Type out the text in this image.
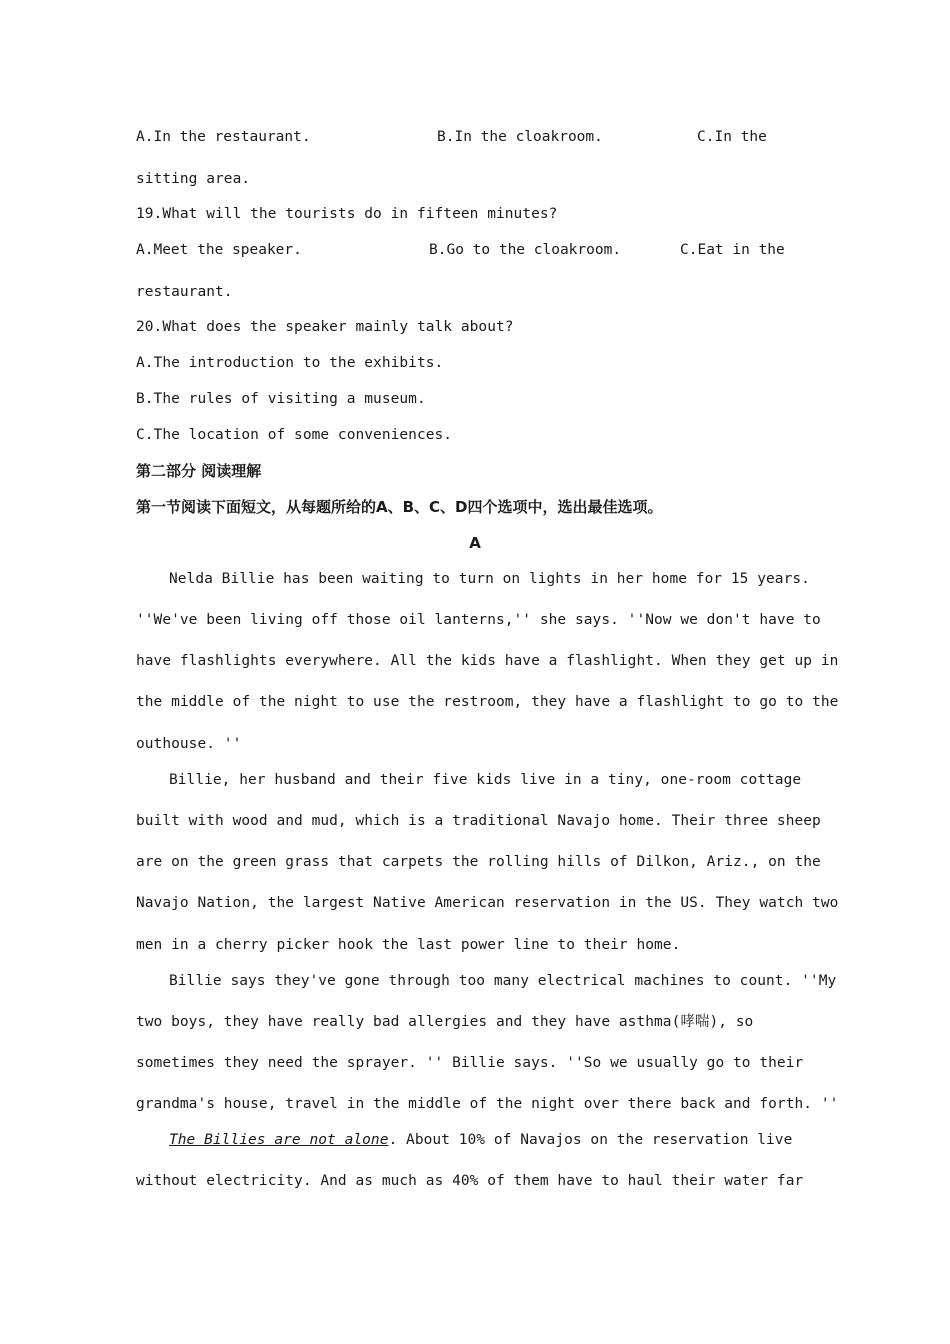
A.In the restaurant.	B.In the cloakroom.	C.In the
sitting area.
19.What will the tourists do in fifteen minutes?
A.Meet the speaker.	B.Go to the cloakroom.	C.Eat in the
restaurant.
20.What does the speaker mainly talk about?
A.The introduction to the exhibits.
B.The rules of visiting a museum.
C.The location of some conveniences.
第二部分 阅读理解
第一节阅读下面短文，从每题所给的A、B、C、D四个选项中，选出最佳选项。
A
Nelda Billie has been waiting to turn on lights in her home for 15 years.
''We've been living off those oil lanterns,'' she says. ''Now we don't have to
have flashlights everywhere. All the kids have a flashlight. When they get up in
the middle of the night to use the restroom, they have a flashlight to go to the
outhouse. ''
Billie, her husband and their five kids live in a tiny, one-room cottage
built with wood and mud, which is a traditional Navajo home. Their three sheep
are on the green grass that carpets the rolling hills of Dilkon, Ariz., on the
Navajo Nation, the largest Native American reservation in the US. They watch two
men in a cherry picker hook the last power line to their home.
Billie says they've gone through too many electrical machines to count. ''My
two boys, they have really bad allergies and they have asthma(哮喘), so
sometimes they need the sprayer. '' Billie says. ''So we usually go to their
grandma's house, travel in the middle of the night over there back and forth. ''
The Billies are not alone. About 10% of Navajos on the reservation live
without electricity. And as much as 40% of them have to haul their water far
